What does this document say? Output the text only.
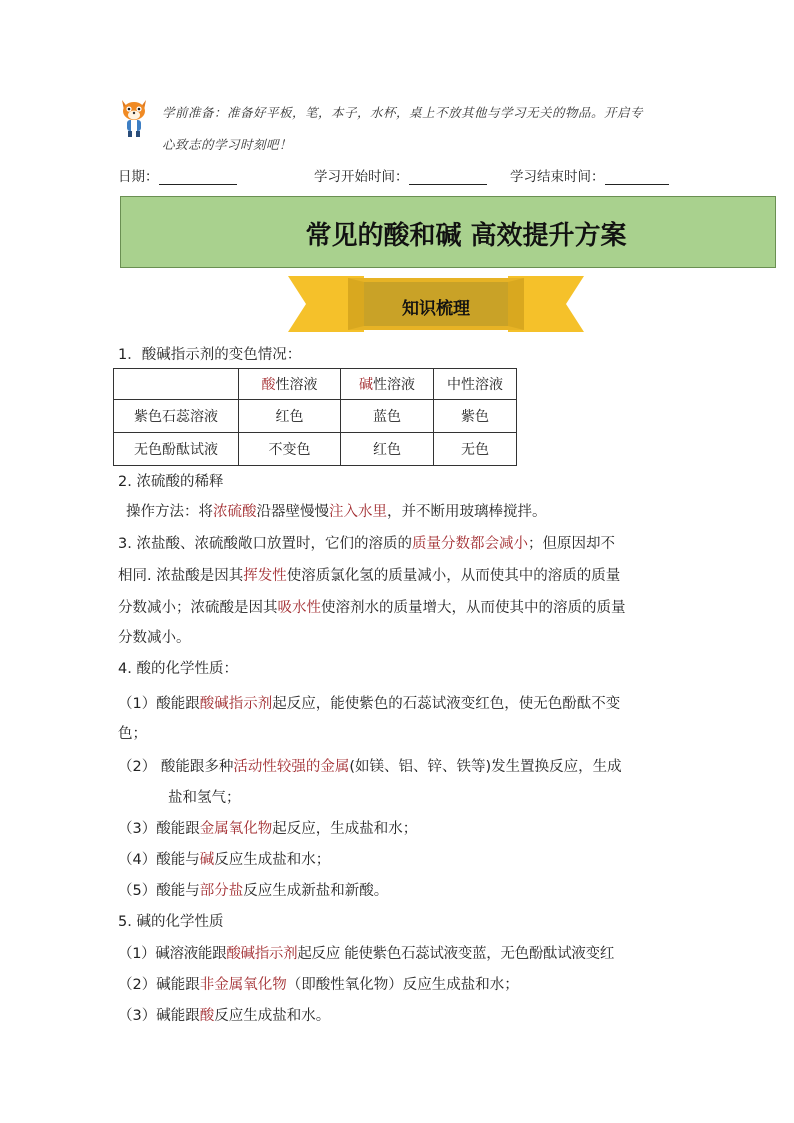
学前准备：准备好平板，笔，本子，水杯，桌上不放其他与学习无关的物品。开启专
心致志的学习时刻吧！
日期：	学习开始时间：	学习结束时间：
常见的酸和碱 高效提升方案
知识梳理
1．酸碱指示剂的变色情况：
	酸性溶液	碱性溶液	中性溶液
紫色石蕊溶液	红色	蓝色	紫色
无色酚酞试液	不变色	红色	无色
2. 浓硫酸的稀释
操作方法：将浓硫酸沿器壁慢慢注入水里，并不断用玻璃棒搅拌。
3. 浓盐酸、浓硫酸敞口放置时，它们的溶质的质量分数都会减小；但原因却不
相同. 浓盐酸是因其挥发性使溶质氯化氢的质量减小，从而使其中的溶质的质量
分数减小；浓硫酸是因其吸水性使溶剂水的质量增大，从而使其中的溶质的质量
分数减小。
4. 酸的化学性质：
（1）酸能跟酸碱指示剂起反应，能使紫色的石蕊试液变红色，使无色酚酞不变
色；
（2） 酸能跟多种活动性较强的金属(如镁、铝、锌、铁等)发生置换反应，生成
盐和氢气；
（3）酸能跟金属氧化物起反应，生成盐和水；
（4）酸能与碱反应生成盐和水；
（5）酸能与部分盐反应生成新盐和新酸。
5. 碱的化学性质
（1）碱溶液能跟酸碱指示剂起反应 能使紫色石蕊试液变蓝，无色酚酞试液变红
（2）碱能跟非金属氧化物（即酸性氧化物）反应生成盐和水；
（3）碱能跟酸反应生成盐和水。
